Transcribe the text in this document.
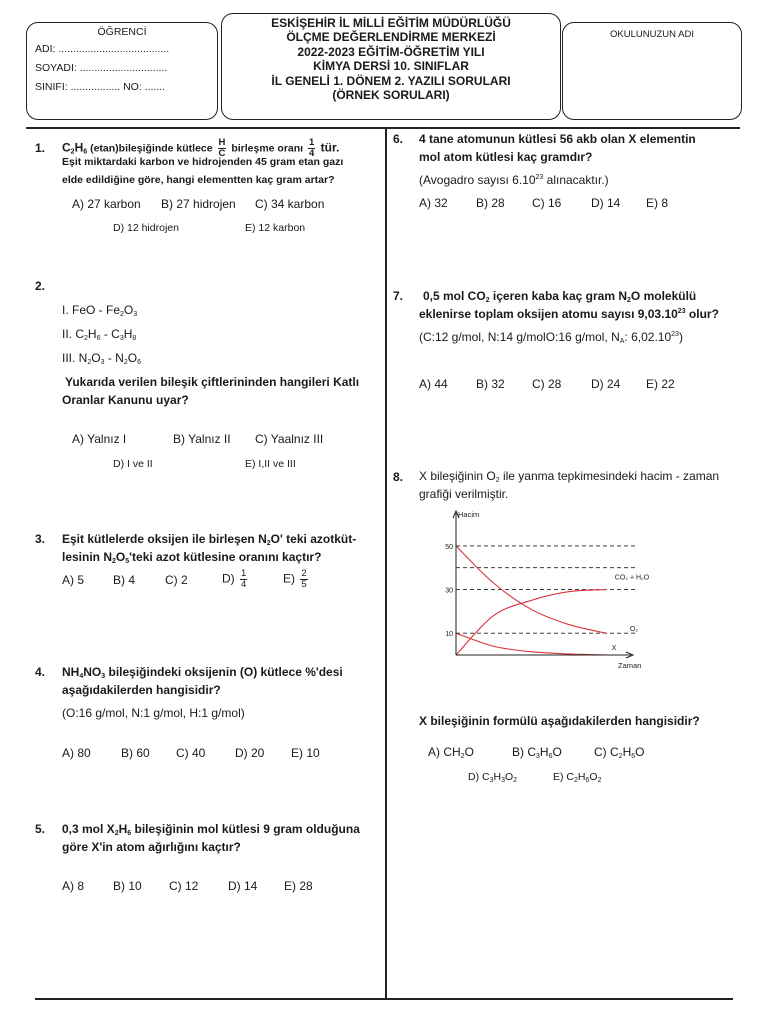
ÖĞRENCİ
ADI: ......................................
SOYADI: ..............................
SINIFI: ................. NO: .......
ESKİŞEHİR İL MİLLİ EĞİTİM MÜDÜRLÜĞÜ
ÖLÇME DEĞERLENDİRME MERKEZİ
2022-2023 EĞİTİM-ÖĞRETİM YILI
KİMYA DERSİ 10. SINIFLAR
İL GENELİ 1. DÖNEM 2. YAZILI SORULARI
(ÖRNEK SORULARI)
OKULUNUZUN ADI
1. $C_2H_6$ (etan)bileşiğinde kütlece $\frac{H}{C}$ birleşme oranı $\frac{1}{4}$ tür.
Eşit miktardaki karbon ve hidrojenden 45 gram etan gazı
elde edildiğine göre, hangi elementten kaç gram artar?
A) 27 karbon B) 27 hidrojen C) 34 karbon
D) 12 hidrojen	E) 12 karbon
2.
I. FeO - $Fe_2O_3$
II. $C_2H_6 - C_3H_8$
III. $N_2O_3 - N_2O_6$
Yukarıda verilen bileşik çiftlerininden hangileri Katlı
Oranlar Kanunu uyar?
A) Yalnız I	B) Yalnız II C) Yaalnız III
D) I ve II	E) I,II ve III
3. Eşit kütlelerde oksijen ile birleşen $N_2O'$ teki azotküt-
lesinin $N_2O_5'teki$ azot kütlesine oranını kaçtır?
A) 5 B) 4 C) 2	$D) \frac{1}{4}$	$E) \frac{2}{5}$
4. $NH_4NO_3$ bileşiğindeki oksijenin (O) kütlece %'desi
aşağıdakilerden hangisidir?
(O:16 g/mol, N:1 g/mol, H:1 g/mol)
A) 80	B) 60 C) 40 D) 20 E) 10
5. 0,3 mol $X_2H_6$ bileşiğinin mol kütlesi 9 gram olduğuna
göre X'in atom ağırlığını kaçtır?
A) 8 B) 10 C) 12 D) 14 E) 28
6. 4 tane atomunun kütlesi 56 akb olan X elementin
mol atom kütlesi kaç gramdır?
(Avogadro sayısı 6.10$^{23}$ alınacaktır.)
A) 32 B) 28 C) 16 D) 14 E) 8
7. 0,5 mol $CO_2$ içeren kaba kaç gram $N_2O$ molekülü
eklenirse toplam oksijen atomu sayısı 9,03.10$^{23}$ olur?
(C:12 g/mol, N:14 g/molO:16 g/mol, $N_A$: 6,02.10$^{23}$)
A) 44 B) 32 C) 28 D) 24 E) 22
8. X bileşiğinin $O_2$ ile yanma tepkimesindeki hacim - zaman
grafiği verilmiştir.
10
30
50
Hacim
Zaman
X
O₂
CO₂ + H₂O
X bileşiğinin formülü aşağıdakilerden hangisidir?
A) $CH_2O$	B) $C_3H_6O$	C) $C_2H_6O$
D) $C_3H_3O_2$	E) $C_2H_6O_2$
